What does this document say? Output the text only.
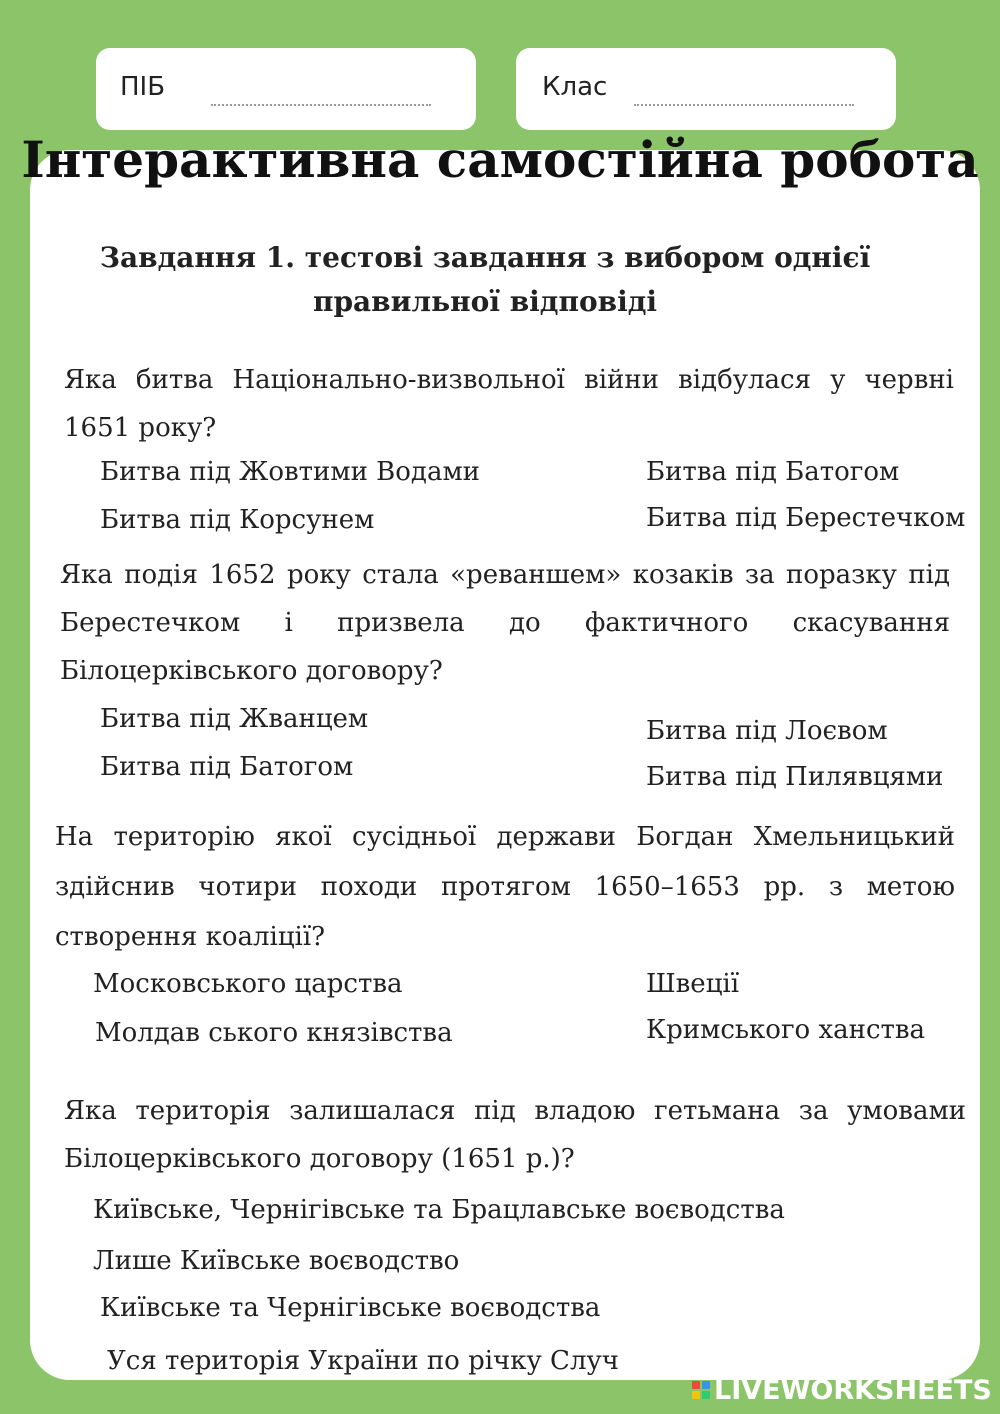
ПІБ	Клас
Інтерактивна самостійна робота
Завдання 1. тестові завдання з вибором однієї
правильної відповіді
Яка битва Національно-визвольної війни відбулася у червні 1651 року?
Битва під Жовтими Водами	Битва під Батогом
Битва під Корсунем	Битва під Берестечком
Яка подія 1652 року стала «реваншем» козаків за поразку під Берестечком і призвела до фактичного скасування Білоцерківського договору?
Битва під Жванцем	Битва під Лоєвом
Битва під Батогом	Битва під Пилявцями
На територію якої сусідньої держави Богдан Хмельницький здійснив чотири походи протягом 1650–1653 рр. з метою створення коаліції?
Московського царства	Швеції
Молдав ського князівства	Кримського ханства
Яка територія залишалася під владою гетьмана за умовами Білоцерківського договору (1651 р.)?
Київське, Чернігівське та Брацлавське воєводства
Лише Київське воєводство
Київське та Чернігівське воєводства
Уся територія України по річку Случ
LIVEWORKSHEETS
